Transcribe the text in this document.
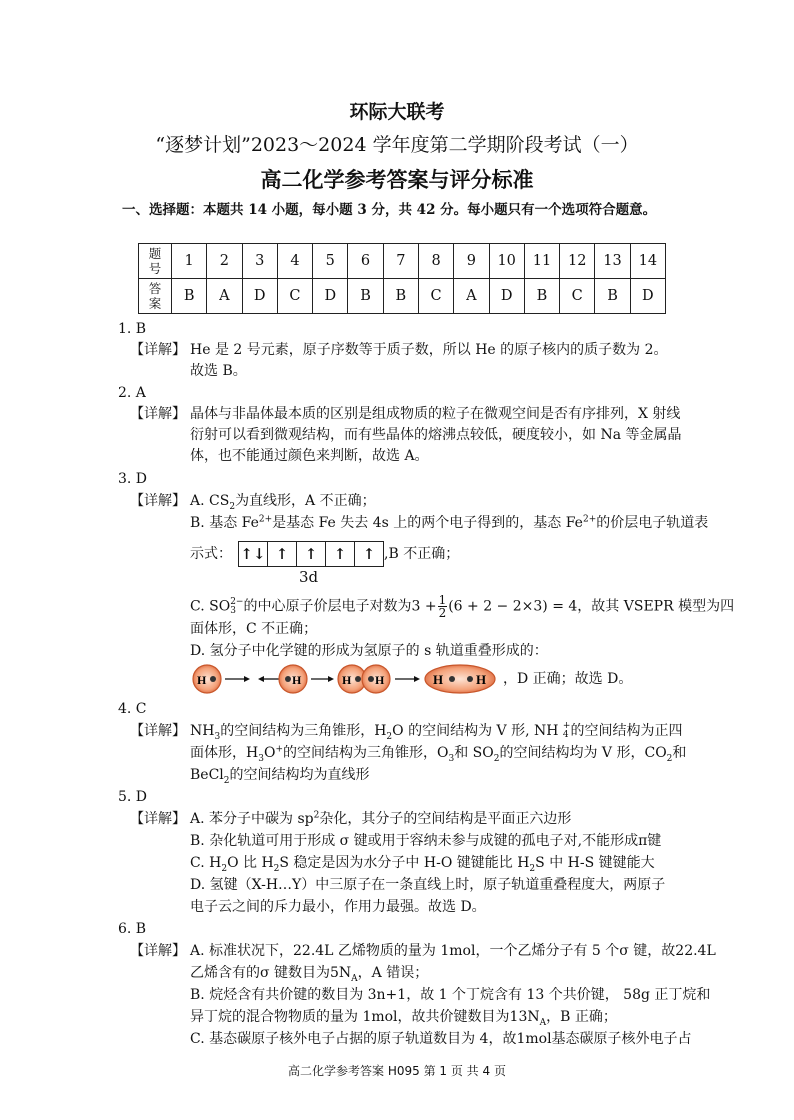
环际大联考
“逐梦计划”2023～2024 学年度第二学期阶段考试（一）
高二化学参考答案与评分标准
一、选择题：本题共 14 小题，每小题 3 分，共 42 分。每小题只有一个选项符合题意。
题
号	1	2	3	4	5	6	7	8	9	10	11	12	13	14
答
案	B	A	D	C	D	B	B	C	A	D	B	C	B	D
1. B
【详解】 He 是 2 号元素，原子序数等于质子数，所以 He 的原子核内的质子数为 2。
故选 B。
2. A
【详解】 晶体与非晶体最本质的区别是组成物质的粒子在微观空间是否有序排列，X 射线
衍射可以看到微观结构，而有些晶体的熔沸点较低，硬度较小，如 Na 等金属晶
体，也不能通过颜色来判断，故选 A。
3. D
【详解】 A. $CS_2$为直线形，A 不正确；
B. 基态 $Fe^{2+}$是基态 Fe 失去 4s 上的两个电子得到的，基态 $Fe^{2+}$的价层电子轨道表
示式： ↑↓ ↑	↑	↑	↑ ,B 不正确；
3d
C. SO 2−
3 的中心原子价层电子对数为$3 + \frac{1}{2} (6 + 2 - 2\times 3) = 4$，故其 VSEPR 模型为四
面体形，C 不正确；
D. 氢分子中化学键的形成为氢原子的 s 轨道重叠形成的：
H	H	H H	H	H ，D 正确；故选 D。
4. C
【详解】 $NH_3$的空间结构为三角锥形，$H_2O$ 的空间结构为 V 形, NH +
4 的空间结构为正四
面体形，$H_3O^+$的空间结构为三角锥形，$O_3$和 $SO_2$的空间结构均为 V 形，$CO_2$和
BeCl$_2$的空间结构均为直线形
5. D
【详解】 A. 苯分子中碳为 $sp^2$杂化，其分子的空间结构是平面正六边形
B. 杂化轨道可用于形成 σ 键或用于容纳未参与成键的孤电子对,不能形成π键
C. $H_2O$ 比 $H_2S$ 稳定是因为水分子中 H-O 键键能比 $H_2S$ 中 H-S 键键能大
D. 氢键（X-H…Y）中三原子在一条直线上时，原子轨道重叠程度大，两原子
电子云之间的斥力最小，作用力最强。故选 D。
6. B
【详解】 A. 标准状况下，22.4L 乙烯物质的量为 1mol，一个乙烯分子有 5 个σ 键，故22.4L
乙烯含有的σ 键数目为$5N_A$，A 错误；
B. 烷烃含有共价键的数目为 3n+1，故 1 个丁烷含有 13 个共价键， 58g 正丁烷和
异丁烷的混合物物质的量为 1mol，故共价键数目为$13N_A$，B 正确；
C. 基态碳原子核外电子占据的原子轨道数目为 4，故1mol基态碳原子核外电子占
高二化学参考答案 H095 第 1 页 共 4 页
